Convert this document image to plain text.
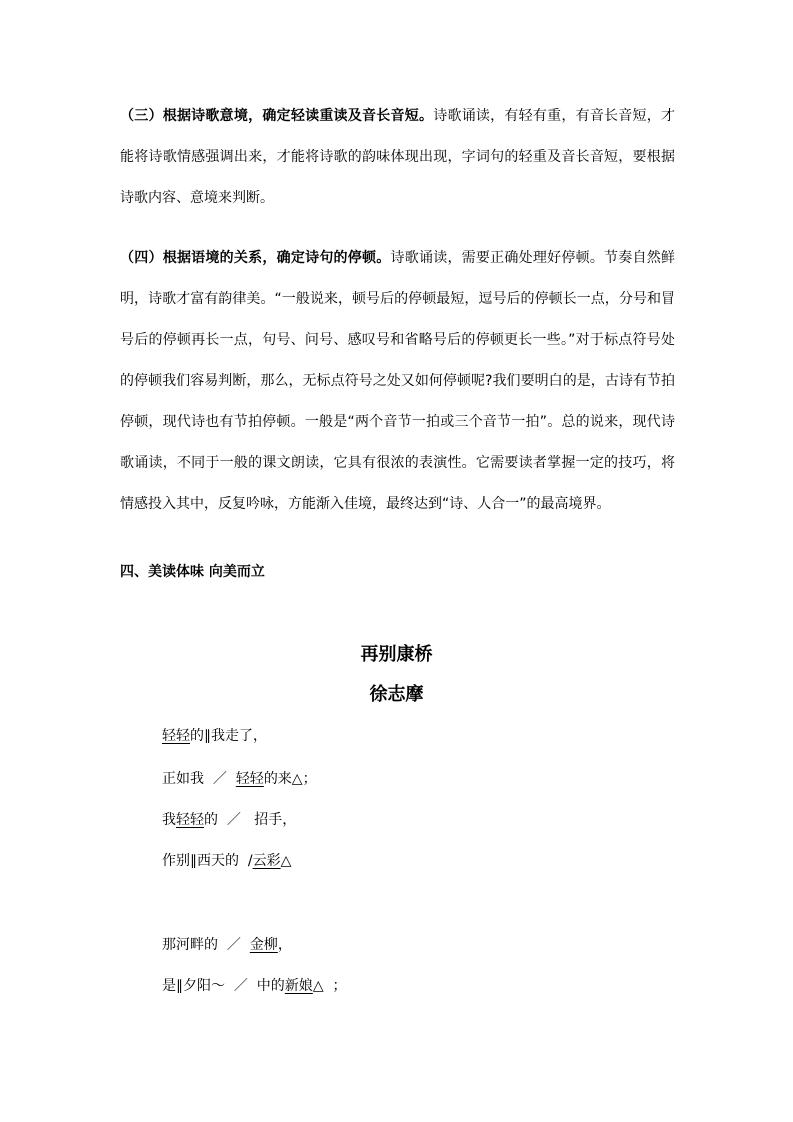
（三）根据诗歌意境，确定轻读重读及音长音短。诗歌诵读，有轻有重，有音长音短，才能将诗歌情感强调出来，才能将诗歌的韵味体现出现，字词句的轻重及音长音短，要根据诗歌内容、意境来判断。

（四）根据语境的关系，确定诗句的停顿。诗歌诵读，需要正确处理好停顿。节奏自然鲜明，诗歌才富有韵律美。“一般说来，顿号后的停顿最短，逗号后的停顿长一点，分号和冒号后的停顿再长一点，句号、问号、感叹号和省略号后的停顿更长一些。”对于标点符号处的停顿我们容易判断，那么，无标点符号之处又如何停顿呢?我们要明白的是，古诗有节拍停顿，现代诗也有节拍停顿。一般是“两个音节一拍或三个音节一拍”。总的说来，现代诗歌诵读，不同于一般的课文朗读，它具有很浓的表演性。它需要读者掌握一定的技巧，将情感投入其中，反复吟咏，方能渐入佳境，最终达到“诗、人合一”的最高境界。

四、美读体味 向美而立

再别康桥

徐志摩

轻轻的∥我走了，

正如我  ／  轻轻的来△；

我轻轻的  ／   招手，

作别∥西天的  /云彩△

那河畔的  ／  金柳，

是∥夕阳～  ／  中的新娘△  ；
